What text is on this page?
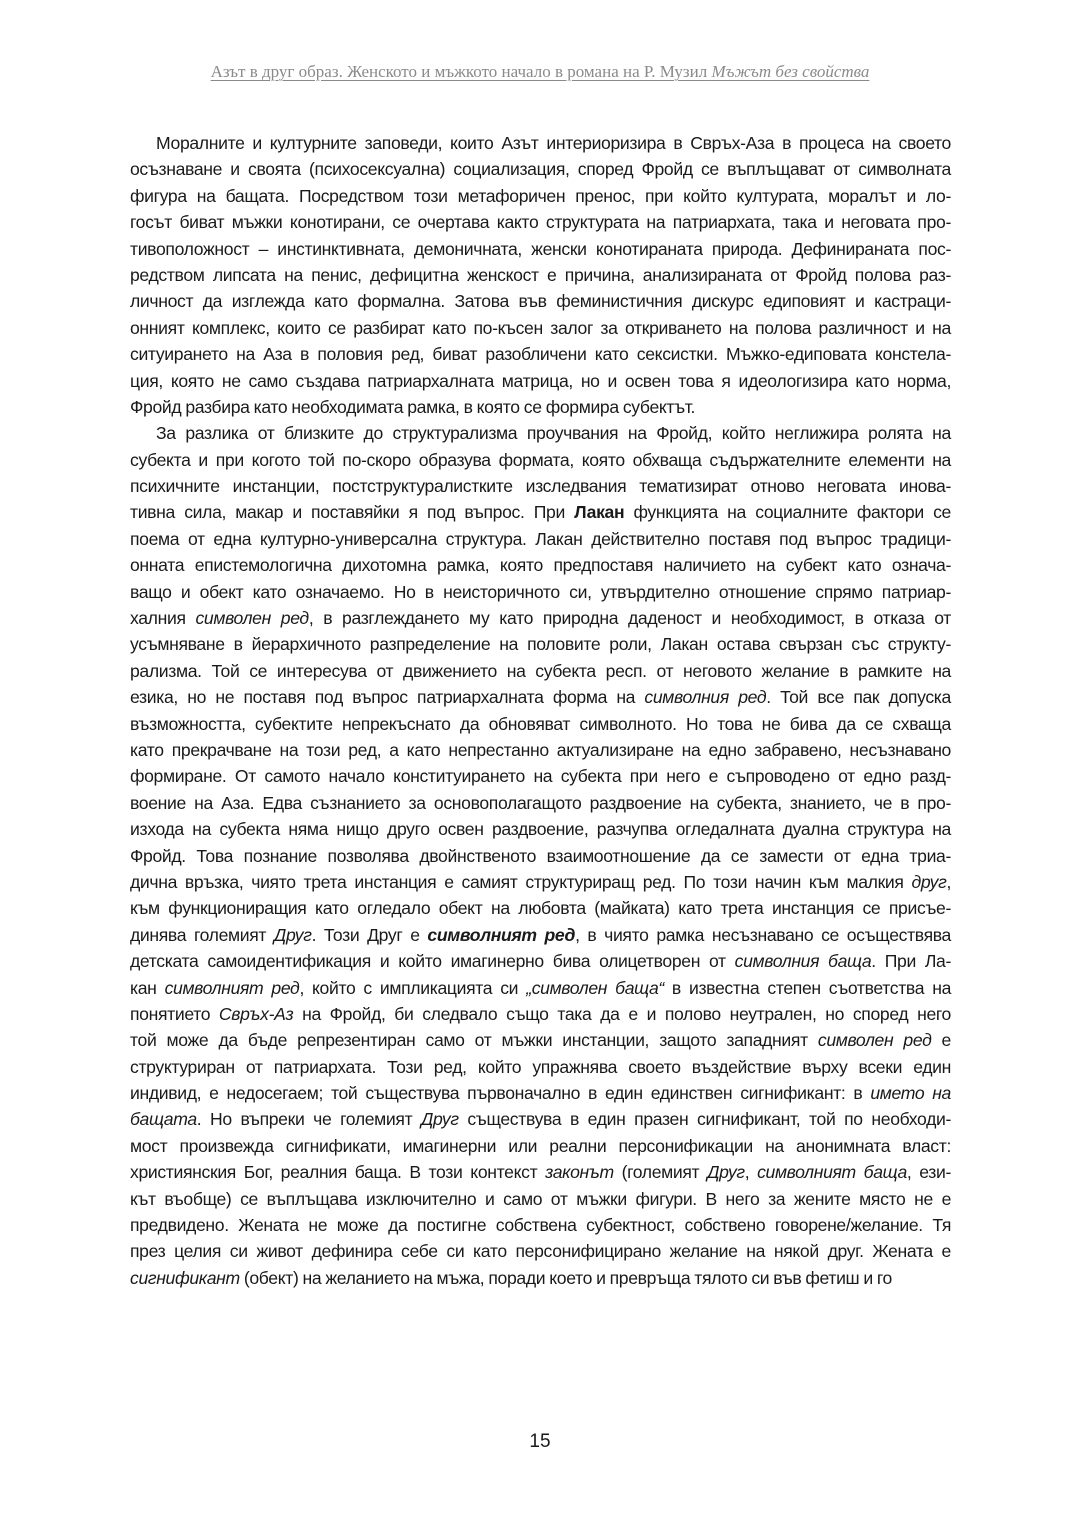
Азът в друг образ. Женското и мъжкото начало в романа на Р. Музил Мъжът без свойства
Моралните и културните заповеди, които Азът интериоризира в Свръх-Аза в процеса на своето
осъзнаване и своята (психосексуална) социализация, според Фройд се въплъщават от символната
фигура на бащата. Посредством този метафоричен пренос, при който културата, моралът и ло-
госът биват мъжки конотирани, се очертава както структурата на патриархата, така и неговата про-
тивоположност – инстинктивната, демоничната, женски конотираната природа. Дефинираната пос-
редством липсата на пенис, дефицитна женскост е причина, анализираната от Фройд полова раз-
личност да изглежда като формална. Затова във феминистичния дискурс едиповият и кастраци-
онният комплекс, които се разбират като по-късен залог за откриването на полова различност и на
ситуирането на Аза в половия ред, биват разобличени като сексистки. Мъжко-едиповата констела-
ция, която не само създава патриархалната матрица, но и освен това я идеологизира като норма,
Фройд разбира като необходимата рамка, в която се формира субектът.
За разлика от близките до структурализма проучвания на Фройд, който неглижира ролята на
субекта и при когото той по-скоро образува формата, която обхваща съдържателните елементи на
психичните инстанции, постструктуралистките изследвания тематизират отново неговата инова-
тивна сила, макар и поставяйки я под въпрос. При Лакан функцията на социалните фактори се
поема от една културно-универсална структура. Лакан действително поставя под въпрос традици-
онната епистемологична дихотомна рамка, която предпоставя наличието на субект като означа-
ващо и обект като означаемо. Но в неисторичното си, утвърдително отношение спрямо патриар-
халния символен ред, в разглеждането му като природна даденост и необходимост, в отказа от
усъмняване в йерархичното разпределение на половите роли, Лакан остава свързан със структу-
рализма. Той се интересува от движението на субекта респ. от неговото желание в рамките на
езика, но не поставя под въпрос патриархалната форма на символния ред. Той все пак допуска
възможността, субектите непрекъснато да обновяват символното. Но това не бива да се схваща
като прекрачване на този ред, а като непрестанно актуализиране на едно забравено, несъзнавано
формиране. От самото начало конституирането на субекта при него е съпроводено от едно разд-
воение на Аза. Едва съзнанието за основополагащото раздвоение на субекта, знанието, че в про-
изхода на субекта няма нищо друго освен раздвоение, разчупва огледалната дуална структура на
Фройд. Това познание позволява двойнственото взаимоотношение да се замести от една триа-
дична връзка, чиято трета инстанция е самият структуриращ ред. По този начин към малкия друг,
към функциониращия като огледало обект на любовта (майката) като трета инстанция се присъе-
динява големият Друг. Този Друг е символният ред, в чиято рамка несъзнавано се осъществява
детската самоидентификация и който имагинерно бива олицетворен от символния баща. При Ла-
кан символният ред, който с импликацията си „символен баща“ в известна степен съответства на
понятието Свръх-Аз на Фройд, би следвало също така да е и полово неутрален, но според него
той може да бъде репрезентиран само от мъжки инстанции, защото западният символен ред е
структуриран от патриархата. Този ред, който упражнява своето въздействие върху всеки един
индивид, е недосегаем; той съществува първоначално в един единствен сигнификант: в името на
бащата. Но въпреки че големият Друг съществува в един празен сигнификант, той по необходи-
мост произвежда сигнификати, имагинерни или реални персонификации на анонимната власт:
християнския Бог, реалния баща. В този контекст законът (големият Друг, символният баща, ези-
кът въобще) се въплъщава изключително и само от мъжки фигури. В него за жените място не е
предвидено. Жената не може да постигне собствена субектност, собствено говорене/желание. Тя
през целия си живот дефинира себе си като персонифицирано желание на някой друг. Жената е
сигнификант (обект) на желанието на мъжа, поради което и превръща тялото си във фетиш и го
15
